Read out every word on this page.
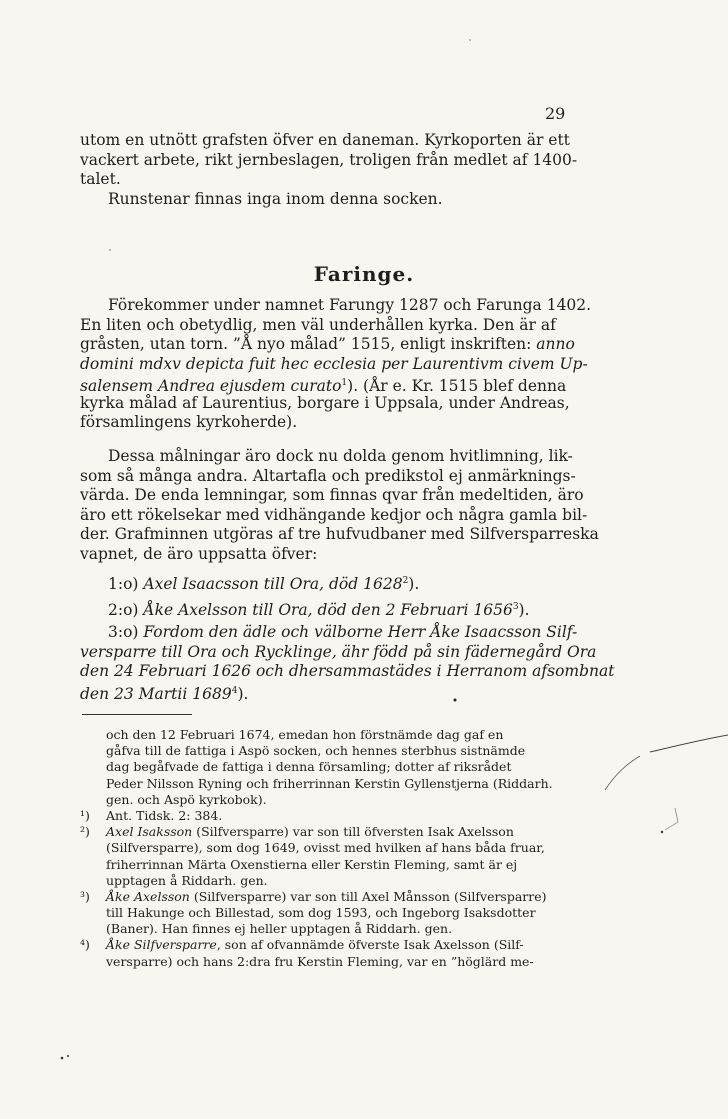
29
utom en utnött grafsten öfver en daneman. Kyrkoporten är ett
vackert arbete, rikt jernbeslagen, troligen från medlet af 1400-
talet.
Runstenar finnas inga inom denna socken.
Faringe.
Förekommer under namnet Farungy 1287 och Farunga 1402.
En liten och obetydlig, men väl underhållen kyrka. Den är af
gråsten, utan torn. ”Å nyo målad” 1515, enligt inskriften: anno
domini mdxv depicta fuit hec ecclesia per Laurentivm civem Up-
salensem Andrea ejusdem curato$^1$). (År e. Kr. 1515 blef denna
kyrka målad af Laurentius, borgare i Uppsala, under Andreas,
församlingens kyrkoherde).
Dessa målningar äro dock nu dolda genom hvitlimning, lik-
som så många andra. Altartafla och predikstol ej anmärknings-
värda. De enda lemningar, som finnas qvar från medeltiden, äro
äro ett rökelsekar med vidhängande kedjor och några gamla bil-
der. Grafminnen utgöras af tre hufvudbaner med Silfversparreska
vapnet, de äro uppsatta öfver:
1:o) Axel Isaacsson till Ora, död 1628$^2$).
2:o) Åke Axelsson till Ora, död den 2 Februari 1656$^3$).
3:o) Fordom den ädle och välborne Herr Åke Isaacsson Silf-
versparre till Ora och Rycklinge, ähr född på sin fädernegård Ora
den 24 Februari 1626 och dhersammastädes i Herranom afsombnat
den 23 Martii 1689$^4$).
och den 12 Februari 1674, emedan hon förstnämde dag gaf en
gåfva till de fattiga i Aspö socken, och hennes sterbhus sistnämde
dag begåfvade de fattiga i denna församling; dotter af riksrådet
Peder Nilsson Ryning och friherrinnan Kerstin Gyllenstjerna (Riddarh.
gen. och Aspö kyrkobok).
¹) Ant. Tidsk. 2: 384.
²) Axel Isaksson (Silfversparre) var son till öfversten Isak Axelsson
(Silfversparre), som dog 1649, ovisst med hvilken af hans båda fruar,
friherrinnan Märta Oxenstierna eller Kerstin Fleming, samt är ej
upptagen å Riddarh. gen.
³) Åke Axelsson (Silfversparre) var son till Axel Månsson (Silfversparre)
till Hakunge och Billestad, som dog 1593, och Ingeborg Isaksdotter
(Baner). Han finnes ej heller upptagen å Riddarh. gen.
⁴) Åke Silfversparre, son af ofvannämde öfverste Isak Axelsson (Silf-
versparre) och hans 2:dra fru Kerstin Fleming, var en ”höglärd me-
